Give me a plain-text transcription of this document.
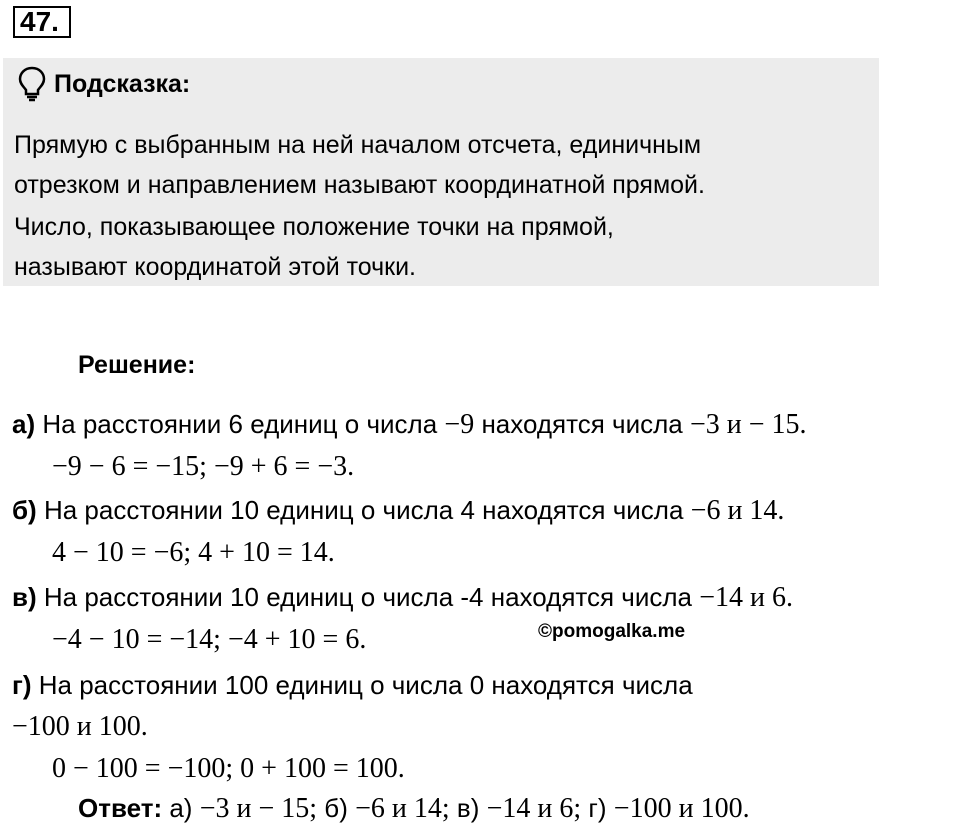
47.
Подсказка:
Прямую с выбранным на ней началом отсчета, единичным
отрезком и направлением называют координатной прямой.
Число, показывающее положение точки на прямой,
называют координатой этой точки.
Решение:
а) На расстоянии 6 единиц о числа −9 находятся числа −3 и − 15.
−9 − 6 = −15; −9 + 6 = −3.
б) На расстоянии 10 единиц о числа 4 находятся числа −6 и 14.
4 − 10 = −6; 4 + 10 = 14.
в) На расстоянии 10 единиц о числа -4 находятся числа −14 и 6.
−4 − 10 = −14; −4 + 10 = 6.	©pomogalka.me
г) На расстоянии 100 единиц о числа 0 находятся числа
−100 и 100.
0 − 100 = −100; 0 + 100 = 100.
Ответ: а) −3 и − 15; б) −6 и 14; в) −14 и 6; г) −100 и 100.
